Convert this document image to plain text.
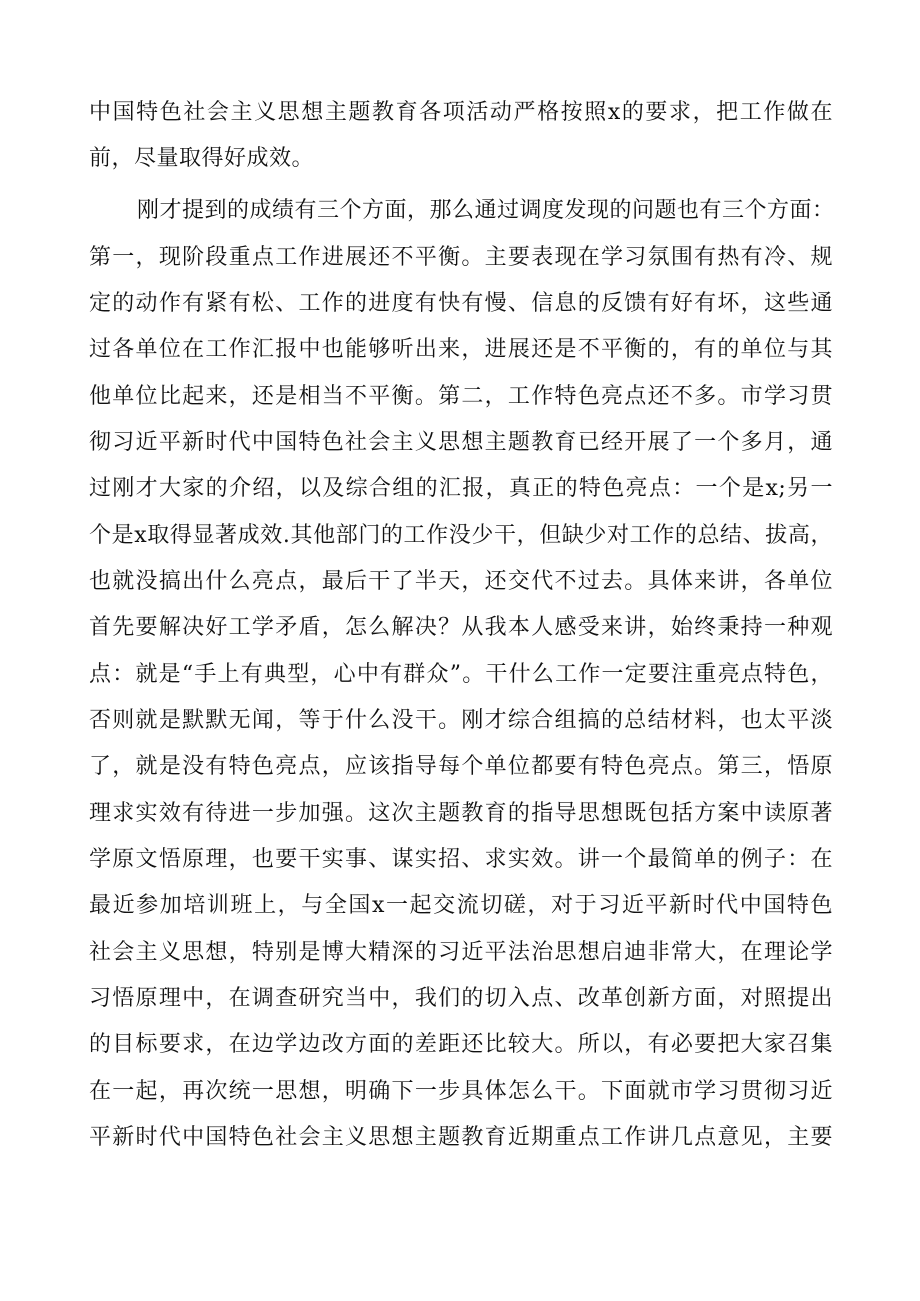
中国特色社会主义思想主题教育各项活动严格按照x的要求，把工作做在
前，尽量取得好成效。
刚才提到的成绩有三个方面，那么通过调度发现的问题也有三个方面：
第一，现阶段重点工作进展还不平衡。主要表现在学习氛围有热有冷、规
定的动作有紧有松、工作的进度有快有慢、信息的反馈有好有坏，这些通
过各单位在工作汇报中也能够听出来，进展还是不平衡的，有的单位与其
他单位比起来，还是相当不平衡。第二，工作特色亮点还不多。市学习贯
彻习近平新时代中国特色社会主义思想主题教育已经开展了一个多月，通
过刚才大家的介绍，以及综合组的汇报，真正的特色亮点：一个是x;另一
个是x取得显著成效.其他部门的工作没少干，但缺少对工作的总结、拔高，
也就没搞出什么亮点，最后干了半天，还交代不过去。具体来讲，各单位
首先要解决好工学矛盾，怎么解决？从我本人感受来讲，始终秉持一种观
点：就是“手上有典型，心中有群众”。干什么工作一定要注重亮点特色，
否则就是默默无闻，等于什么没干。刚才综合组搞的总结材料，也太平淡
了，就是没有特色亮点，应该指导每个单位都要有特色亮点。第三，悟原
理求实效有待进一步加强。这次主题教育的指导思想既包括方案中读原著
学原文悟原理，也要干实事、谋实招、求实效。讲一个最简单的例子：在
最近参加培训班上，与全国x一起交流切磋，对于习近平新时代中国特色
社会主义思想，特别是博大精深的习近平法治思想启迪非常大，在理论学
习悟原理中，在调查研究当中，我们的切入点、改革创新方面，对照提出
的目标要求，在边学边改方面的差距还比较大。所以，有必要把大家召集
在一起，再次统一思想，明确下一步具体怎么干。下面就市学习贯彻习近
平新时代中国特色社会主义思想主题教育近期重点工作讲几点意见，主要
